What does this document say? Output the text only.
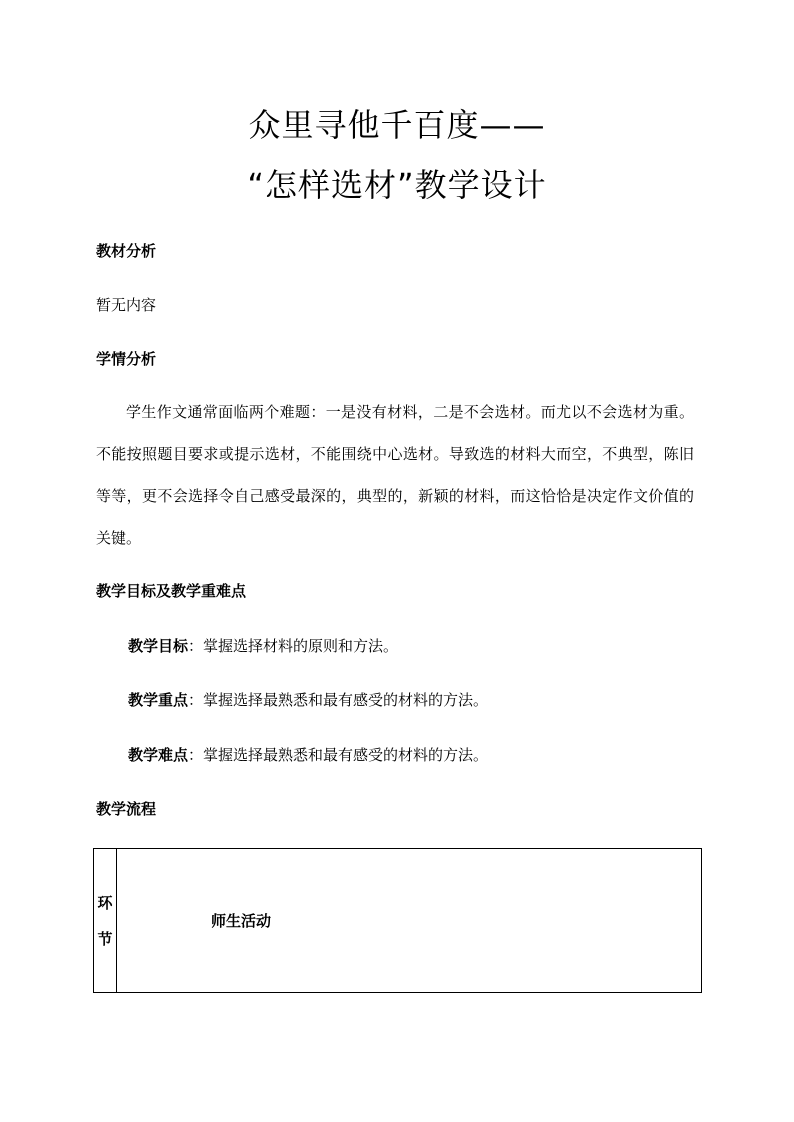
众里寻他千百度——
“怎样选材”教学设计
教材分析
暂无内容
学情分析

学生作文通常面临两个难题：一是没有材料，二是不会选材。而尤以不会选材为重。不能按照题目要求或提示选材，不能围绕中心选材。导致选的材料大而空，不典型，陈旧等等，更不会选择令自己感受最深的，典型的，新颖的材料，而这恰恰是决定作文价值的关键。

教学目标及教学重难点
教学目标：掌握选择材料的原则和方法。
教学重点：掌握选择最熟悉和最有感受的材料的方法。
教学难点：掌握选择最熟悉和最有感受的材料的方法。
教学流程
环
节
	师生活动
